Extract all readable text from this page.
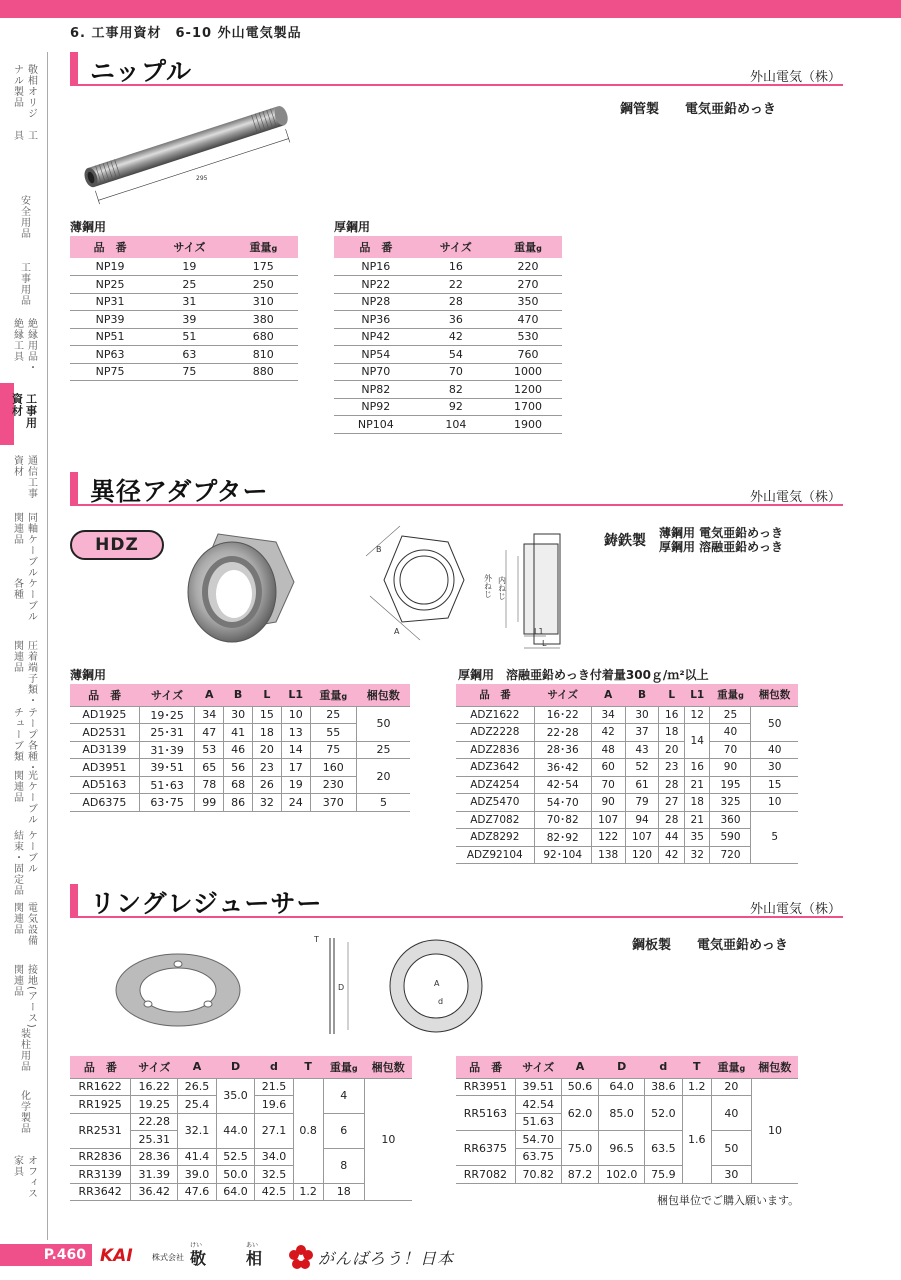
6. 工事用資材　6-10 外山電気製品
敬相オリジ
ナル製品
工
具
安全用品
工事用品
絶縁用品・
絶縁工具
工事用
資材
通信工事
資材
同軸ケーブル
関連品
ケーブル
各種
圧着端子類・
関連品
テープ各種・
チューブ類
光ケーブル
関連品
ケーブル
結束・固定品
電気設備
関連品
接地(アース)
関連品
装柱用品
化学製品
オフィス
家具
ニップル	外山電気（株）
鋼管製　　電気亜鉛めっき
295
薄鋼用
品　番	サイズ	重量g
NP19	19	175
NP25	25	250
NP31	31	310
NP39	39	380
NP51	51	680
NP63	63	810
NP75	75	880
厚鋼用
品　番	サイズ	重量g
NP16	16	220
NP22	22	270
NP28	28	350
NP36	36	470
NP42	42	530
NP54	54	760
NP70	70	1000
NP82	82	1200
NP92	92	1700
NP104	104	1900
異径アダプター	外山電気（株）
HDZ	鋳鉄製 薄鋼用 電気亜鉛めっき
厚鋼用 溶融亜鉛めっき
B
A
外ねじ 内ねじ
L1
L
薄鋼用
品　番	サイズ	A	B	L	L1	重量g	梱包数
AD1925	19･25	34	30	15	10	25	50
AD2531	25･31	47	41	18	13	55	
AD3139	31･39	53	46	20	14	75	25
AD3951	39･51	65	56	23	17	160	20
AD5163	51･63	78	68	26	19	230	
AD6375	63･75	99	86	32	24	370	5
厚鋼用　溶融亜鉛めっき付着量300ｇ/ｍ²以上
品　番	サイズ	A	B	L	L1	重量g	梱包数
ADZ1622	16･22	34	30	16	12	25	50
ADZ2228	22･28	42	37	18	14	40	
ADZ2836	28･36	48	43	20		70	40
ADZ3642	36･42	60	52	23	16	90	30
ADZ4254	42･54	70	61	28	21	195	15
ADZ5470	54･70	90	79	27	18	325	10
ADZ7082	70･82	107	94	28	21	360	5
ADZ8292	82･92	122	107	44	35	590	
ADZ92104	92･104	138	120	42	32	720	
リングレジューサー	外山電気（株）
鋼板製　　電気亜鉛めっき
T
D	A
d
品　番	サイズ	A	D	d	T	重量g	梱包数
RR1622	16.22	26.5	35.0	21.5	0.8	4	10
RR1925	19.25	25.4		19.6			
RR2531	22.28	32.1	44.0	27.1		6	
	25.31						
RR2836	28.36	41.4	52.5	34.0		8	
RR3139	31.39	39.0	50.0	32.5			
RR3642	36.42	47.6	64.0	42.5	1.2	18	
品　番	サイズ	A	D	d	T	重量g	梱包数
RR3951	39.51	50.6	64.0	38.6	1.2	20	10
RR5163	42.54	62.0	85.0	52.0	1.6	40	
	51.63						
RR6375	54.70	75.0	96.5	63.5		50	
	63.75						
RR7082	70.82	87.2	102.0	75.9		30	
梱包単位でご購入願います。
P.460 KAI 株式会社
けい
敬
あい
相	がんばろう！日本
